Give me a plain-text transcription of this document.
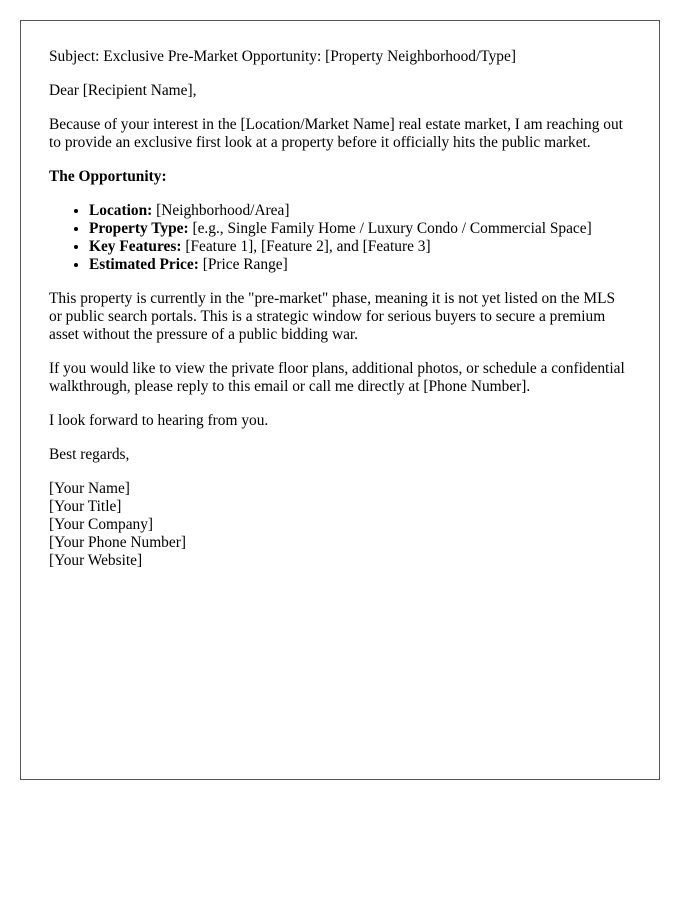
Subject: Exclusive Pre-Market Opportunity: [Property Neighborhood/Type]

Dear [Recipient Name],

Because of your interest in the [Location/Market Name] real estate market, I am reaching out to provide an exclusive first look at a property before it officially hits the public market.

The Opportunity:

• Location: [Neighborhood/Area]
• Property Type: [e.g., Single Family Home / Luxury Condo / Commercial Space]
• Key Features: [Feature 1], [Feature 2], and [Feature 3]
• Estimated Price: [Price Range]

This property is currently in the "pre-market" phase, meaning it is not yet listed on the MLS or public search portals. This is a strategic window for serious buyers to secure a premium asset without the pressure of a public bidding war.

If you would like to view the private floor plans, additional photos, or schedule a confidential walkthrough, please reply to this email or call me directly at [Phone Number].

I look forward to hearing from you.

Best regards,

[Your Name]
[Your Title]
[Your Company]
[Your Phone Number]
[Your Website]
